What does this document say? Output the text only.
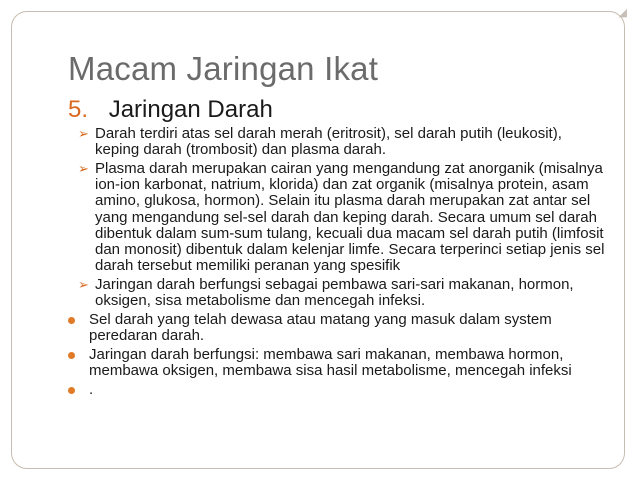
◢
Macam Jaringan Ikat
5. Jaringan Darah
➢ Darah terdiri atas sel darah merah (eritrosit), sel darah putih (leukosit), keping darah (trombosit) dan plasma darah.
➢ Plasma darah merupakan cairan yang mengandung zat anorganik (misalnya ion-ion karbonat, natrium, klorida) dan zat organik (misalnya protein, asam amino, glukosa, hormon). Selain itu plasma darah merupakan zat antar sel yang mengandung sel-sel darah dan keping darah. Secara umum sel darah dibentuk dalam sum-sum tulang, kecuali dua macam sel darah putih (limfosit dan monosit) dibentuk dalam kelenjar limfe. Secara terperinci setiap jenis sel darah tersebut memiliki peranan yang spesifik
➢ Jaringan darah berfungsi sebagai pembawa sari-sari makanan, hormon, oksigen, sisa metabolisme dan mencegah infeksi.
Sel darah yang telah dewasa atau matang yang masuk dalam system peredaran darah.
Jaringan darah berfungsi: membawa sari makanan, membawa hormon, membawa oksigen, membawa sisa hasil metabolisme, mencegah infeksi
.
